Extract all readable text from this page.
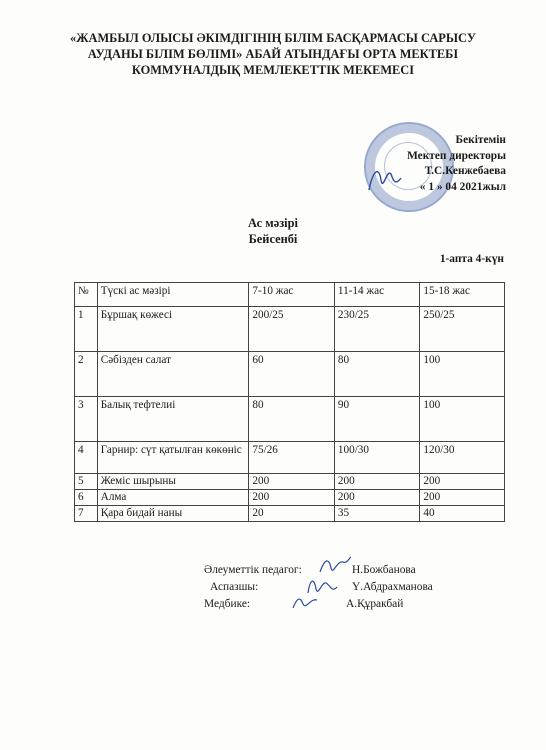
«ЖАМБЫЛ ОЛЫСЫ ӘКІМДІГІНІҢ БІЛІМ БАСҚАРМАСЫ САРЫСУ
АУДАНЫ БІЛІМ БӨЛІМІ» АБАЙ АТЫНДАҒЫ ОРТА МЕКТЕБІ
КОММУНАЛДЫҚ МЕМЛЕКЕТТІК МЕКЕМЕСІ
Бекітемін
Мектеп директоры
Т.С.Кенжебаева
« 1 » 04 2021жыл
Ас мәзірі
Бейсенбі
1-апта 4-күн
№	Түскі ас мәзірі	7-10 жас	11-14 жас	15-18 жас
1	Бұршақ көжесі	200/25	230/25	250/25
2	Сәбізден салат	60	80	100
3	Балық тефтелиі	80	90	100
4	Гарнир: сүт қатылған көкөніс	75/26	100/30	120/30
5	Жеміс шырыны	200	200	200
6	Алма	200	200	200
7	Қара бидай наны	20	35	40
Әлеуметтік педагог:	Н.Божбанова
Аспазшы:	Ү.Абдрахманова
Медбике:	А.Құракбай
